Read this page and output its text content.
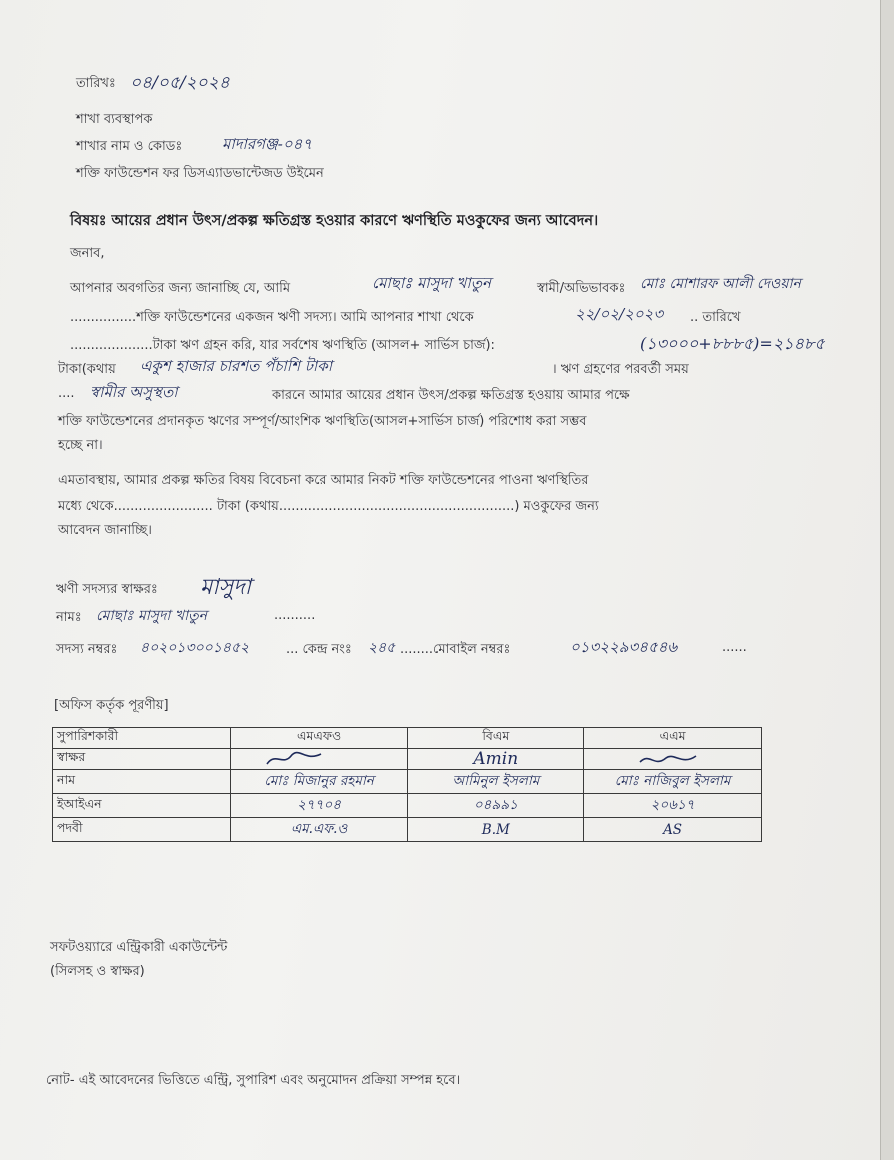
তারিখঃ ০৪/০৫/২০২৪
শাখা ব্যবস্থাপক
শাখার নাম ও কোডঃ	মাদারগঞ্জ-০৪৭
শক্তি ফাউন্ডেশন ফর ডিসএ্যাডভান্টেজড উইমেন
বিষয়ঃ আয়ের প্রধান উৎস/প্রকল্প ক্ষতিগ্রস্ত হওয়ার কারণে ঋণস্থিতি মওকুফের জন্য আবেদন।
জনাব,
আপনার অবগতির জন্য জানাচ্ছি যে, আমি	মোছাঃ মাসুদা খাতুন	স্বামী/অভিভাবকঃ মোঃ মোশারফ আলী দেওয়ান
................শক্তি ফাউন্ডেশনের একজন ঋণী সদস্য। আমি আপনার শাখা থেকে	২২/০২/২০২৩ .. তারিখে
....................টাকা ঋণ গ্রহন করি, যার সর্বশেষ ঋণস্থিতি (আসল+ সার্ভিস চার্জ):	(১৩০০০+৮৮৮৫)=২১৪৮৫
টাকা(কথায় একুশ হাজার চারশত পঁচাশি টাকা	। ঋণ গ্রহণের পরবর্তী সময়
.... স্বামীর অসুস্থতা	কারনে আমার আয়ের প্রধান উৎস/প্রকল্প ক্ষতিগ্রস্ত হওয়ায় আমার পক্ষে
শক্তি ফাউন্ডেশনের প্রদানকৃত ঋণের সম্পূর্ণ/আংশিক ঋণস্থিতি(আসল+সার্ভিস চার্জ) পরিশোধ করা সম্ভব
হচ্ছে না।
এমতাবস্থায়, আমার প্রকল্প ক্ষতির বিষয় বিবেচনা করে আমার নিকট শক্তি ফাউন্ডেশনের পাওনা ঋণস্থিতির
মধ্যে থেকে........................ টাকা (কথায়.........................................................) মওকুফের জন্য
আবেদন জানাচ্ছি।
ঋণী সদস্যর স্বাক্ষরঃ মাসুদা
নামঃ মোছাঃ মাসুদা খাতুন	..........
সদস্য নম্বরঃ ৪০২০১৩০০১৪৫২	... কেন্দ্র নংঃ ২৪৫ ........মোবাইল নম্বরঃ	০১৩২২৯৩৪৫৪৬	......
[অফিস কর্তৃক পূরণীয়]
সুপারিশকারী	এমএফও	বিএম	এএম
স্বাক্ষর		Amin

নাম	মোঃ মিজানুর রহমান	আমিনুল ইসলাম	মোঃ নাজিবুল ইসলাম

ইআইএন	২৭৭০৪	০৪৯৯১	২০৬১৭

পদবী	এম.এফ.ও	B.M	AS
সফটওয়্যারে এন্ট্রিকারী একাউন্টেন্ট
(সিলসহ ও স্বাক্ষর)
নোট- এই আবেদনের ভিত্তিতে এন্ট্রি, সুপারিশ এবং অনুমোদন প্রক্রিয়া সম্পন্ন হবে।
